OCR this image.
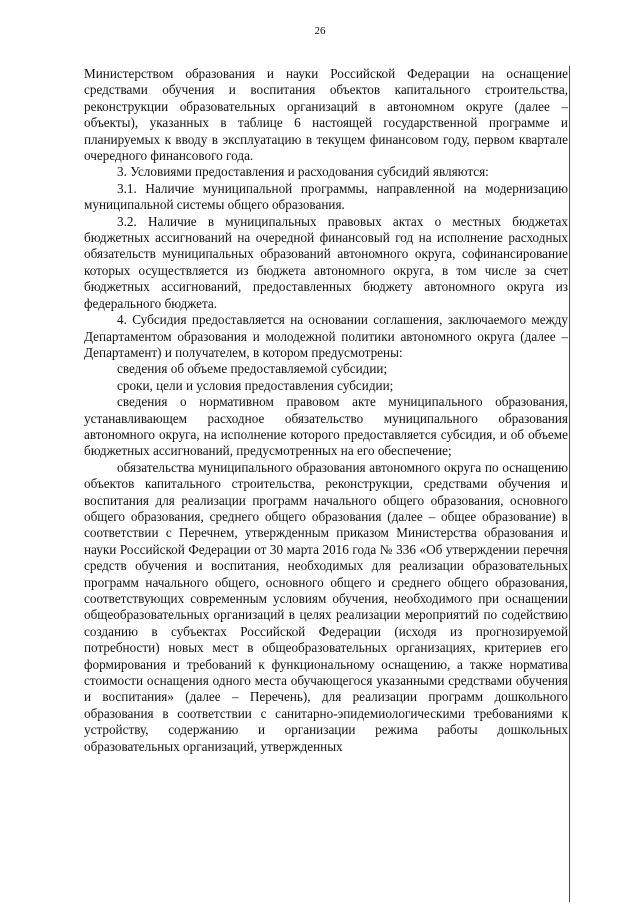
26

Министерством образования и науки Российской Федерации на оснащение средствами обучения и воспитания объектов капитального строительства, реконструкции образовательных организаций в автономном округе (далее – объекты), указанных в таблице 6 настоящей государственной программе и планируемых к вводу в эксплуатацию в текущем финансовом году, первом квартале очередного финансового года.

3. Условиями предоставления и расходования субсидий являются:

3.1. Наличие муниципальной программы, направленной на модернизацию муниципальной системы общего образования.

3.2. Наличие в муниципальных правовых актах о местных бюджетах бюджетных ассигнований на очередной финансовый год на исполнение расходных обязательств муниципальных образований автономного округа, софинансирование которых осуществляется из бюджета автономного округа, в том числе за счет бюджетных ассигнований, предоставленных бюджету автономного округа из федерального бюджета.

4. Субсидия предоставляется на основании соглашения, заключаемого между Департаментом образования и молодежной политики автономного округа (далее – Департамент) и получателем, в котором предусмотрены:

сведения об объеме предоставляемой субсидии;

сроки, цели и условия предоставления субсидии;

сведения о нормативном правовом акте муниципального образования, устанавливающем расходное обязательство муниципального образования автономного округа, на исполнение которого предоставляется субсидия, и об объеме бюджетных ассигнований, предусмотренных на его обеспечение;

обязательства муниципального образования автономного округа по оснащению объектов капитального строительства, реконструкции, средствами обучения и воспитания для реализации программ начального общего образования, основного общего образования, среднего общего образования (далее – общее образование) в соответствии с Перечнем, утвержденным приказом Министерства образования и науки Российской Федерации от 30 марта 2016 года № 336 «Об утверждении перечня средств обучения и воспитания, необходимых для реализации образовательных программ начального общего, основного общего и среднего общего образования, соответствующих современным условиям обучения, необходимого при оснащении общеобразовательных организаций в целях реализации мероприятий по содействию созданию в субъектах Российской Федерации (исходя из прогнозируемой потребности) новых мест в общеобразовательных организациях, критериев его формирования и требований к функциональному оснащению, а также норматива стоимости оснащения одного места обучающегося указанными средствами обучения и воспитания» (далее – Перечень), для реализации программ дошкольного образования в соответствии с санитарно-эпидемиологическими требованиями к устройству, содержанию и организации режима работы дошкольных образовательных организаций, утвержденных
